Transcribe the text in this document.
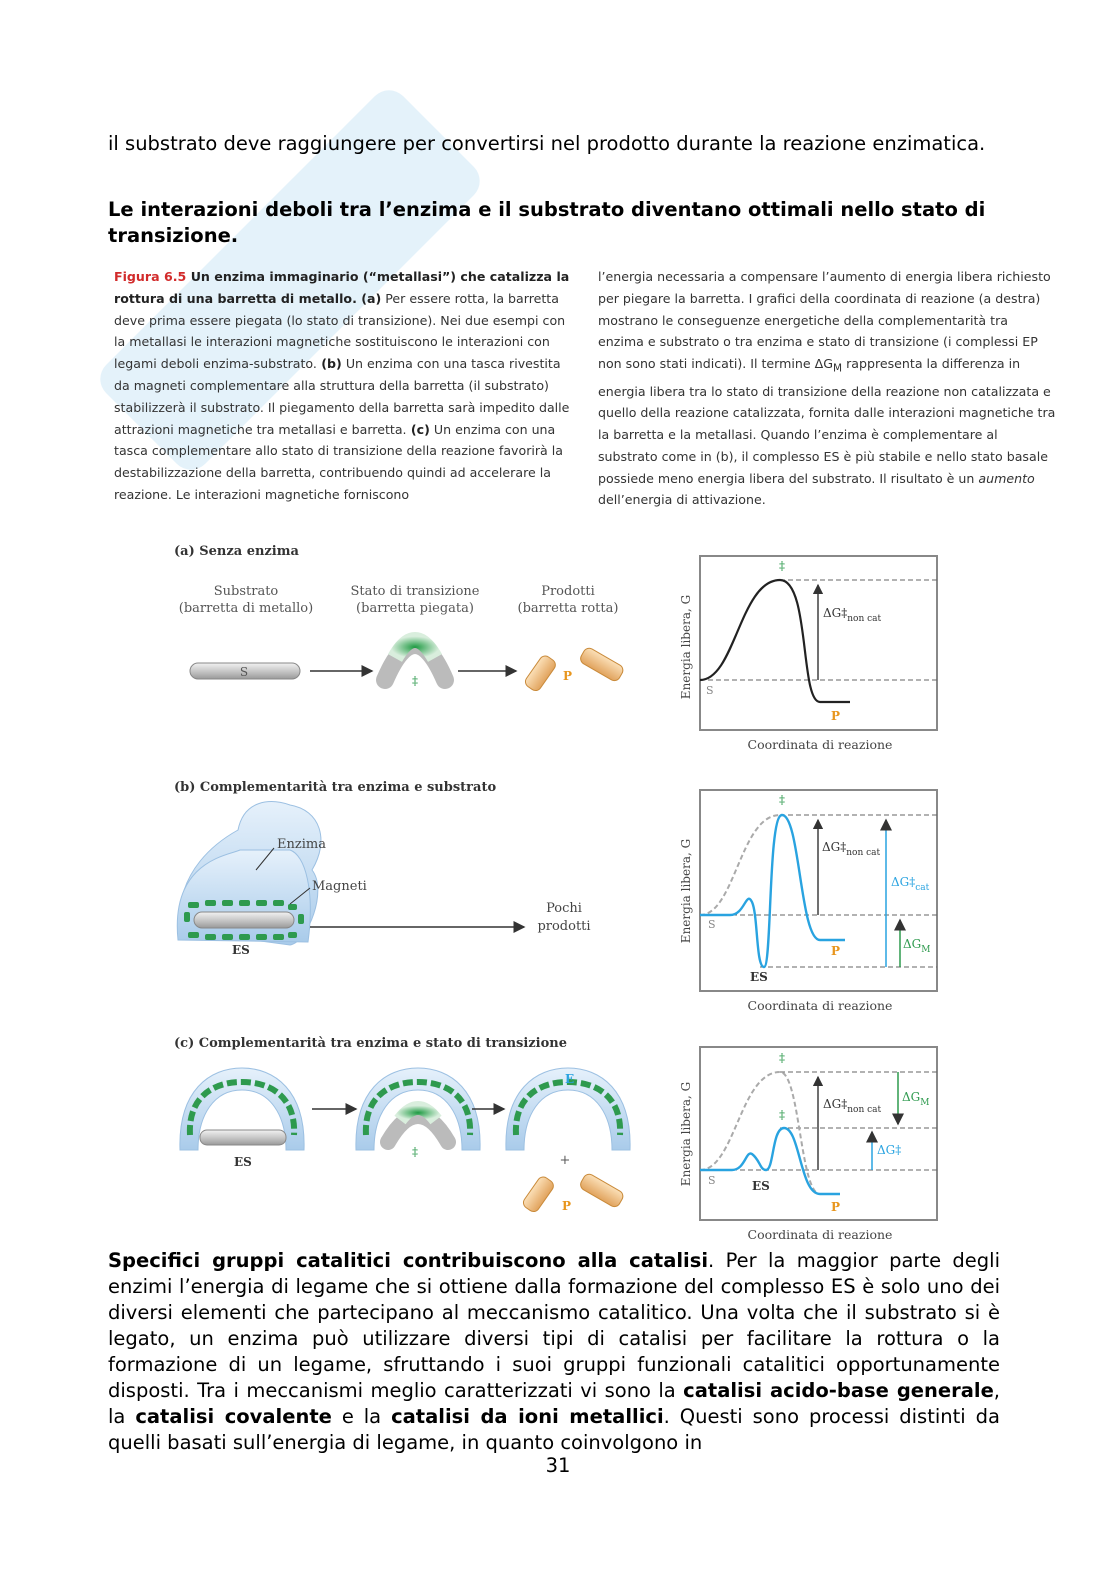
il substrato deve raggiungere per convertirsi nel prodotto durante la reazione enzimatica.
Le interazioni deboli tra l’enzima e il substrato diventano ottimali nello stato di transizione.
Figura 6.5 Un enzima immaginario (“metallasi”) che catalizza la rottura di una barretta di metallo. (a) Per essere rotta, la barretta deve prima essere piegata (lo stato di transizione). Nei due esempi con la metallasi le interazioni magnetiche sostituiscono le interazioni con legami deboli enzima-substrato. (b) Un enzima con una tasca rivestita da magneti complementare alla struttura della barretta (il substrato) stabilizzerà il substrato. Il piegamento della barretta sarà impedito dalle attrazioni magnetiche tra metallasi e barretta. (c) Un enzima con una tasca complementare allo stato di transizione della reazione favorirà la destabilizzazione della barretta, contribuendo quindi ad accelerare la reazione. Le interazioni magnetiche forniscono
l’energia necessaria a compensare l’aumento di energia libera richiesto per piegare la barretta. I grafici della coordinata di reazione (a destra) mostrano le conseguenze energetiche della complementarità tra enzima e substrato o tra enzima e stato di transizione (i complessi EP non sono stati indicati). Il termine $\Delta G_M$ rappresenta la differenza in energia libera tra lo stato di transizione della reazione non catalizzata e quello della reazione catalizzata, fornita dalle interazioni magnetiche tra la barretta e la metallasi. Quando l’enzima è complementare al substrato come in (b), il complesso ES è più stabile e nello stato basale possiede meno energia libera del substrato. Il risultato è un aumento dell’energia di attivazione.
(a) Senza enzima
Substrato
(barretta di metallo)
Stato di transizione
(barretta piegata)
Prodotti
(barretta rotta)
S
‡	P	Energia libera, G
Coordinata di reazione
‡
$\Delta G\ddagger_{non cat}$
S
P
(b) Complementarità tra enzima e substrato
Enzima
Magneti
ES
Pochi
prodotti	Energia libera, G
Coordinata di reazione
‡
$\Delta G\ddagger_{non cat}$
$\Delta G\ddagger_{cat}$
$\Delta G_M$
S
ES
P
(c) Complementarità tra enzima e stato di transizione
ES
‡
E
+
P
Energia libera, G
Coordinata di reazione
‡
‡
$\Delta G\ddagger_{non cat}$
$\Delta G_M$
ΔG‡
S	ES
P
Specifici gruppi catalitici contribuiscono alla catalisi. Per la maggior parte degli enzimi l’energia di legame che si ottiene dalla formazione del complesso ES è solo uno dei diversi elementi che partecipano al meccanismo catalitico. Una volta che il substrato si è legato, un enzima può utilizzare diversi tipi di catalisi per facilitare la rottura o la formazione di un legame, sfruttando i suoi gruppi funzionali catalitici opportunamente disposti. Tra i meccanismi meglio caratterizzati vi sono la catalisi acido-base generale, la catalisi covalente e la catalisi da ioni metallici. Questi sono processi distinti da quelli basati sull’energia di legame, in quanto coinvolgono in
31
